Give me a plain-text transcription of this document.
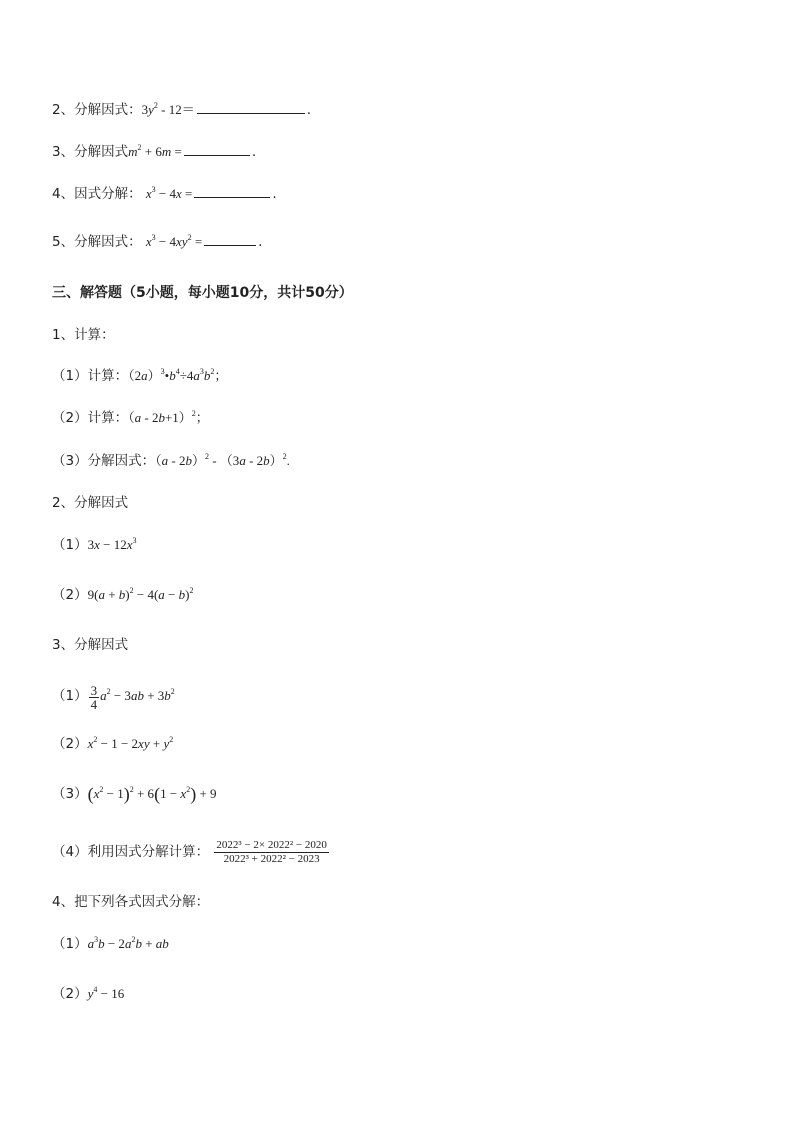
2、分解因式：$3y^2 - 12=$	.
3、分解因式$m^2 + 6m$ =	.
4、因式分解： $x^3 - 4x$ =	.
5、分解因式： $x^3 - 4xy^2$ =	.
三、解答题（5小题，每小题10分，共计50分）
1、计算：
（1）计算：$(2a)^3•b^4\div 4a^3b^2$；
（2）计算：$(a - 2b+1)^2$；
（3）分解因式：（a - 2b）$^2$ - （3a - 2b）$^2$.
2、分解因式
$(1)3x - 12x^3$
$(2)9(a + b)^2 - 4(a - b)^2$
3、分解因式
$(1) \frac{3}{4} a^2 - 3ab + 3b^2$
$(2)x^2 - 1 - 2xy + y^2$
$(3)(x^2 - 1)^2 + 6(1 - x^2) + 9$
（4）利用因式分解计算： $\frac{\text{2022³ − 2× 2022² − 2020}}{\text{2022³ + 2022² − 2023}}$
4、把下列各式因式分解：
$(1)a^3b - 2a^2b$ + ab
$(2)y^4 - 16$
